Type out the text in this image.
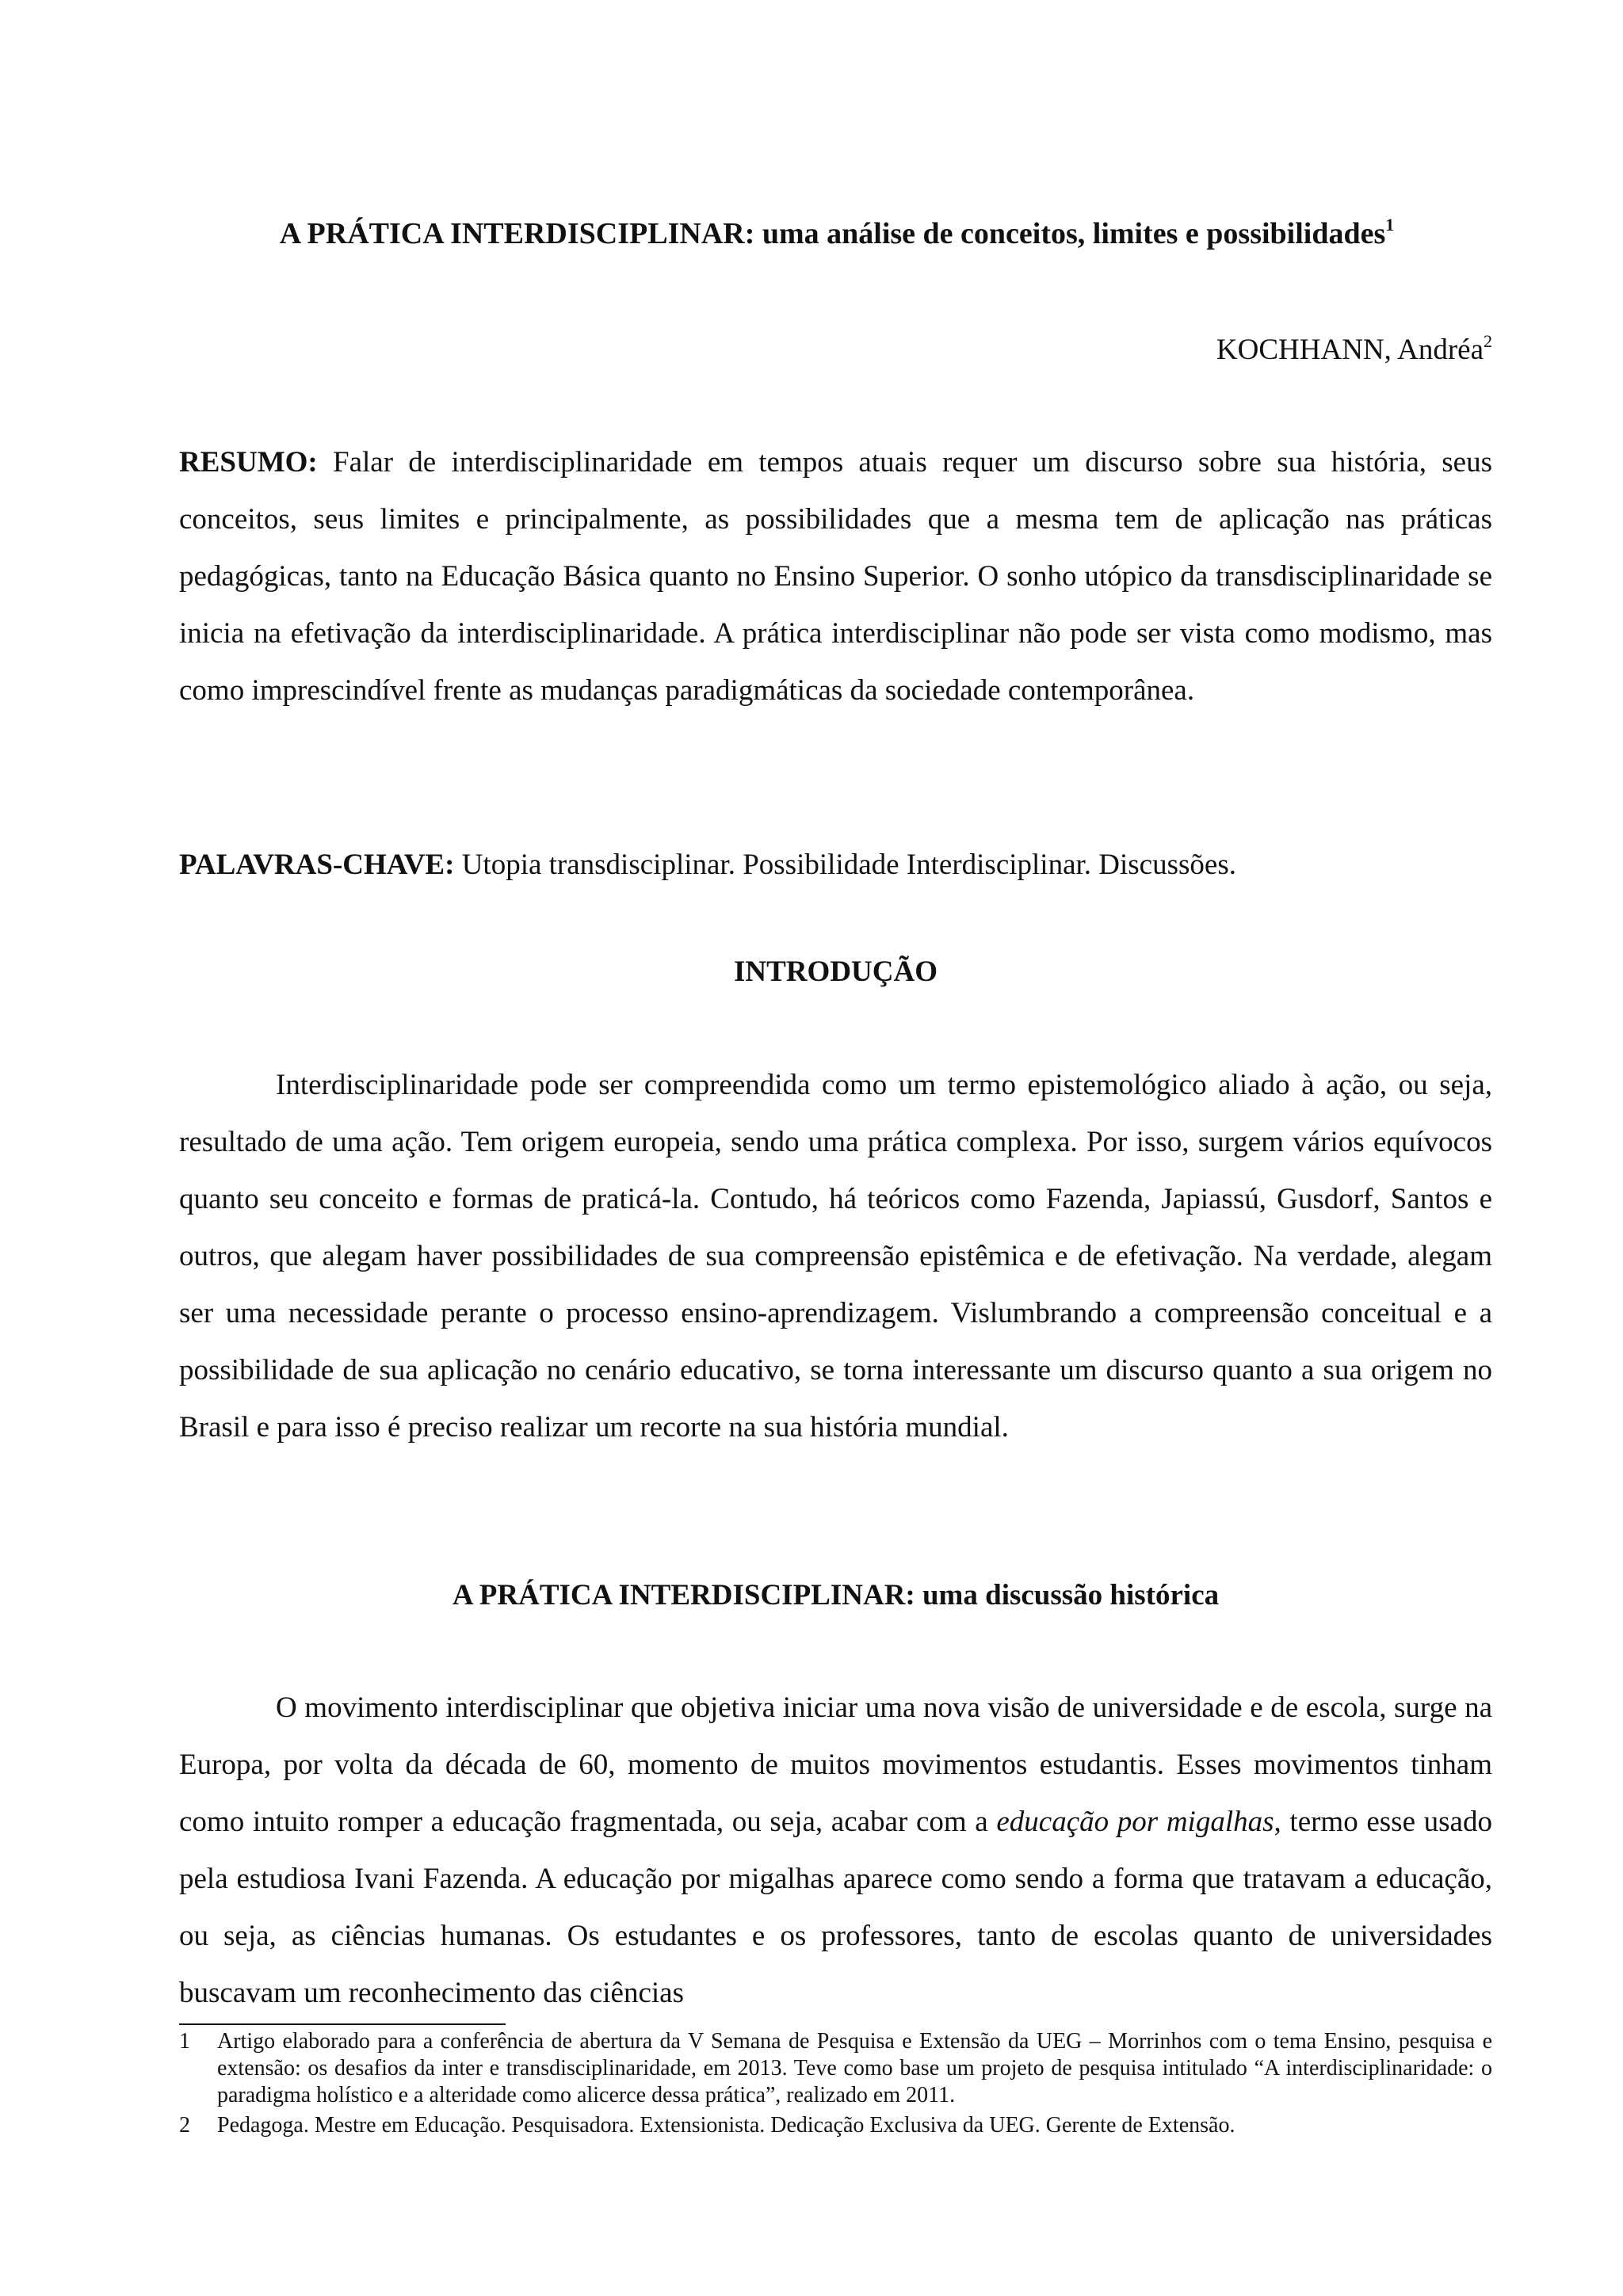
A PRÁTICA INTERDISCIPLINAR: uma análise de conceitos, limites e possibilidades$^1$
KOCHHANN, Andréa$^2$

RESUMO: Falar de interdisciplinaridade em tempos atuais requer um discurso sobre sua história, seus conceitos, seus limites e principalmente, as possibilidades que a mesma tem de aplicação nas práticas pedagógicas, tanto na Educação Básica quanto no Ensino Superior. O sonho utópico da transdisciplinaridade se inicia na efetivação da interdisciplinaridade. A prática interdisciplinar não pode ser vista como modismo, mas como imprescindível frente as mudanças paradigmáticas da sociedade contemporânea.

PALAVRAS-CHAVE: Utopia transdisciplinar. Possibilidade Interdisciplinar. Discussões.

INTRODUÇÃO

Interdisciplinaridade pode ser compreendida como um termo epistemológico aliado à ação, ou seja, resultado de uma ação. Tem origem europeia, sendo uma prática complexa. Por isso, surgem vários equívocos quanto seu conceito e formas de praticá-la. Contudo, há teóricos como Fazenda, Japiassú, Gusdorf, Santos e outros, que alegam haver possibilidades de sua compreensão epistêmica e de efetivação. Na verdade, alegam ser uma necessidade perante o processo ensino-aprendizagem. Vislumbrando a compreensão conceitual e a possibilidade de sua aplicação no cenário educativo, se torna interessante um discurso quanto a sua origem no Brasil e para isso é preciso realizar um recorte na sua história mundial.

A PRÁTICA INTERDISCIPLINAR: uma discussão histórica

O movimento interdisciplinar que objetiva iniciar uma nova visão de universidade e de escola, surge na Europa, por volta da década de 60, momento de muitos movimentos estudantis. Esses movimentos tinham como intuito romper a educação fragmentada, ou seja, acabar com a educação por migalhas, termo esse usado pela estudiosa Ivani Fazenda. A educação por migalhas aparece como sendo a forma que tratavam a educação, ou seja, as ciências humanas. Os estudantes e os professores, tanto de escolas quanto de universidades buscavam um reconhecimento das ciências

1	Artigo elaborado para a conferência de abertura da V Semana de Pesquisa e Extensão da UEG – Morrinhos com o tema Ensino, pesquisa e extensão: os desafios da inter e transdisciplinaridade, em 2013. Teve como base um projeto de pesquisa intitulado “A interdisciplinaridade: o paradigma holístico e a alteridade como alicerce dessa prática”, realizado em 2011.
2	Pedagoga. Mestre em Educação. Pesquisadora. Extensionista. Dedicação Exclusiva da UEG. Gerente de Extensão.
